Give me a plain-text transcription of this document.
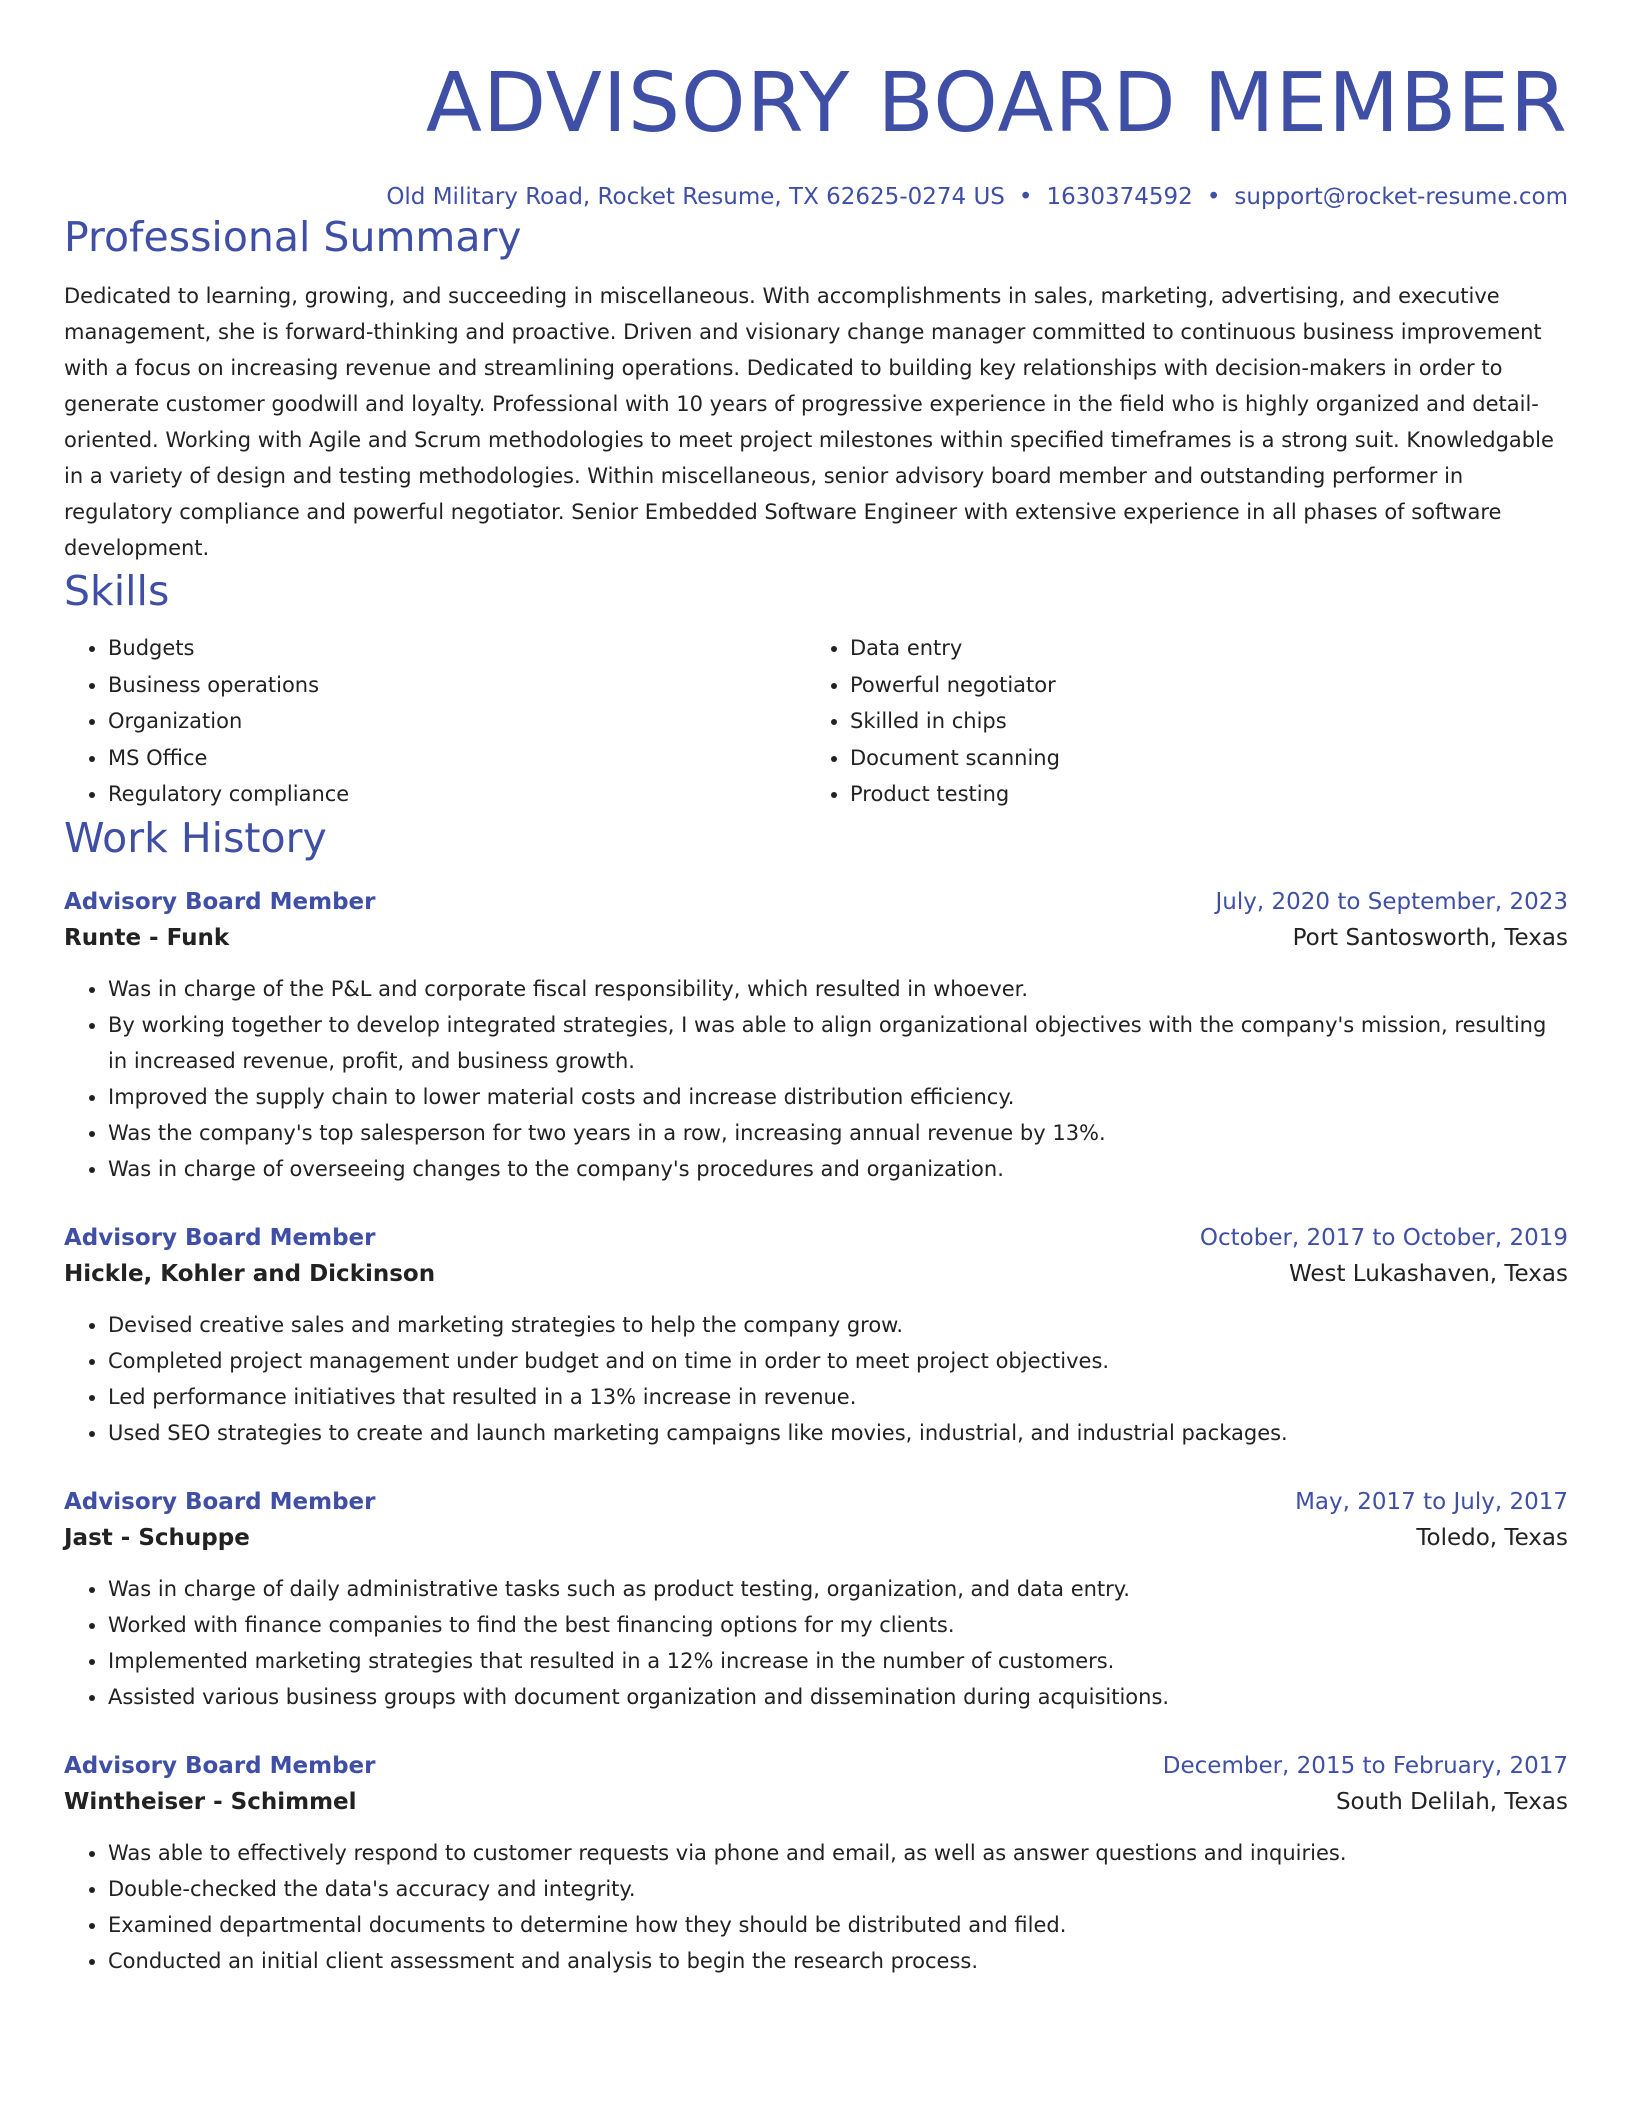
ADVISORY BOARD MEMBER
Old Military Road, Rocket Resume, TX 62625-0274 US • 1630374592 • support@rocket-resume.com
Professional Summary
Dedicated to learning, growing, and succeeding in miscellaneous. With accomplishments in sales, marketing, advertising, and executive management, she is forward-thinking and proactive. Driven and visionary change manager committed to continuous business improvement with a focus on increasing revenue and streamlining operations. Dedicated to building key relationships with decision-makers in order to generate customer goodwill and loyalty. Professional with 10 years of progressive experience in the field who is highly organized and detail-oriented. Working with Agile and Scrum methodologies to meet project milestones within specified timeframes is a strong suit. Knowledgable in a variety of design and testing methodologies. Within miscellaneous, senior advisory board member and outstanding performer in regulatory compliance and powerful negotiator. Senior Embedded Software Engineer with extensive experience in all phases of software development.
Skills
• Budgets
• Business operations
• Organization
• MS Office
• Regulatory compliance
• Data entry
• Powerful negotiator
• Skilled in chips
• Document scanning
• Product testing
Work History
Advisory Board Member	July, 2020 to September, 2023
Runte - Funk	Port Santosworth, Texas
• Was in charge of the P&L and corporate fiscal responsibility, which resulted in whoever.
• By working together to develop integrated strategies, I was able to align organizational objectives with the company's mission, resulting in increased revenue, profit, and business growth.
• Improved the supply chain to lower material costs and increase distribution efficiency.
• Was the company's top salesperson for two years in a row, increasing annual revenue by 13%.
• Was in charge of overseeing changes to the company's procedures and organization.
Advisory Board Member	October, 2017 to October, 2019
Hickle, Kohler and Dickinson	West Lukashaven, Texas
• Devised creative sales and marketing strategies to help the company grow.
• Completed project management under budget and on time in order to meet project objectives.
• Led performance initiatives that resulted in a 13% increase in revenue.
• Used SEO strategies to create and launch marketing campaigns like movies, industrial, and industrial packages.
Advisory Board Member	May, 2017 to July, 2017
Jast - Schuppe	Toledo, Texas
• Was in charge of daily administrative tasks such as product testing, organization, and data entry.
• Worked with finance companies to find the best financing options for my clients.
• Implemented marketing strategies that resulted in a 12% increase in the number of customers.
• Assisted various business groups with document organization and dissemination during acquisitions.
Advisory Board Member	December, 2015 to February, 2017
Wintheiser - Schimmel	South Delilah, Texas
• Was able to effectively respond to customer requests via phone and email, as well as answer questions and inquiries.
• Double-checked the data's accuracy and integrity.
• Examined departmental documents to determine how they should be distributed and filed.
• Conducted an initial client assessment and analysis to begin the research process.
